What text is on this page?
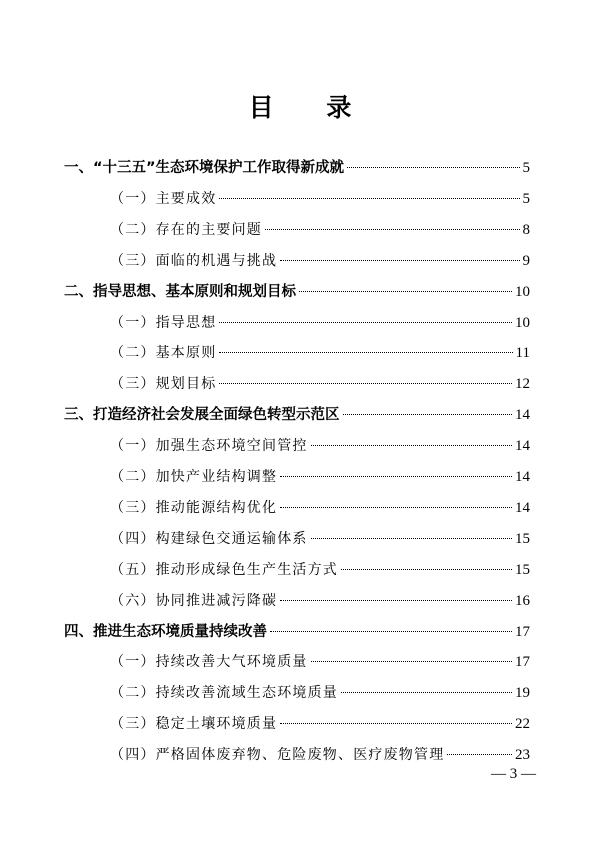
目 录
一、“十三五”生态环境保护工作取得新成就	5
（一）主要成效	5
（二）存在的主要问题	8
（三）面临的机遇与挑战	9
二、指导思想、基本原则和规划目标	10
（一）指导思想	10
（二）基本原则	11
（三）规划目标	12
三、打造经济社会发展全面绿色转型示范区	14
（一）加强生态环境空间管控	14
（二）加快产业结构调整	14
（三）推动能源结构优化	14
（四）构建绿色交通运输体系	15
（五）推动形成绿色生产生活方式	15
（六）协同推进减污降碳	16
四、推进生态环境质量持续改善	17
（一）持续改善大气环境质量	17
（二）持续改善流域生态环境质量	19
（三）稳定土壤环境质量	22
（四）严格固体废弃物、危险废物、医疗废物管理	23
— 3 —
